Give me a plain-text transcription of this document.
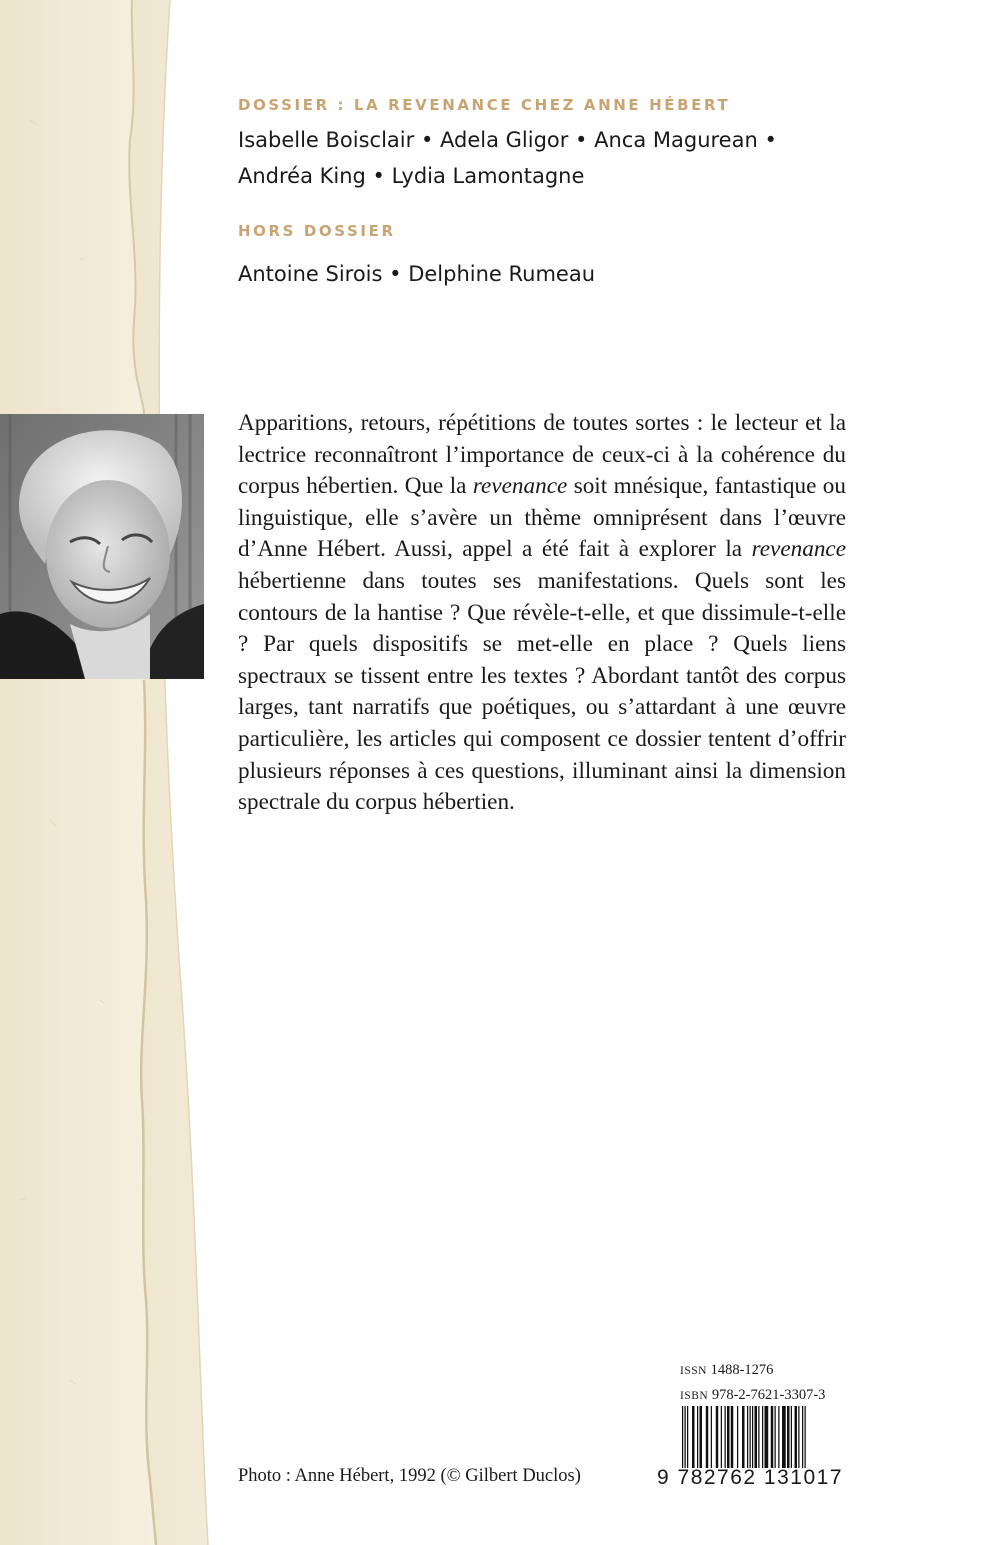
DOSSIER : LA REVENANCE CHEZ ANNE HÉBERT

Isabelle Boisclair • Adela Gligor • Anca Magurean • Andréa King • Lydia Lamontagne

HORS DOSSIER

Antoine Sirois • Delphine Rumeau

Apparitions, retours, répétitions de toutes sortes : le lecteur et la lectrice reconnaîtront l’importance de ceux-ci à la cohérence du corpus hébertien. Que la revenance soit mnésique, fantastique ou linguistique, elle s’avère un thème omniprésent dans l’œuvre d’Anne Hébert. Aussi, appel a été fait à explorer la revenance hébertienne dans toutes ses manifestations. Quels sont les contours de la hantise ? Que révèle-t-elle, et que dissimule-t-elle ? Par quels dispositifs se met-elle en place ? Quels liens spectraux se tissent entre les textes ? Abordant tantôt des corpus larges, tant narratifs que poétiques, ou s’attardant à une œuvre particulière, les articles qui composent ce dossier tentent d’offrir plusieurs réponses à ces questions, illuminant ainsi la dimension spectrale du corpus hébertien.

ISSN 1488-1276
ISBN 978-2-7621-3307-3
9 782762 131017
Photo : Anne Hébert, 1992 (© Gilbert Duclos)
